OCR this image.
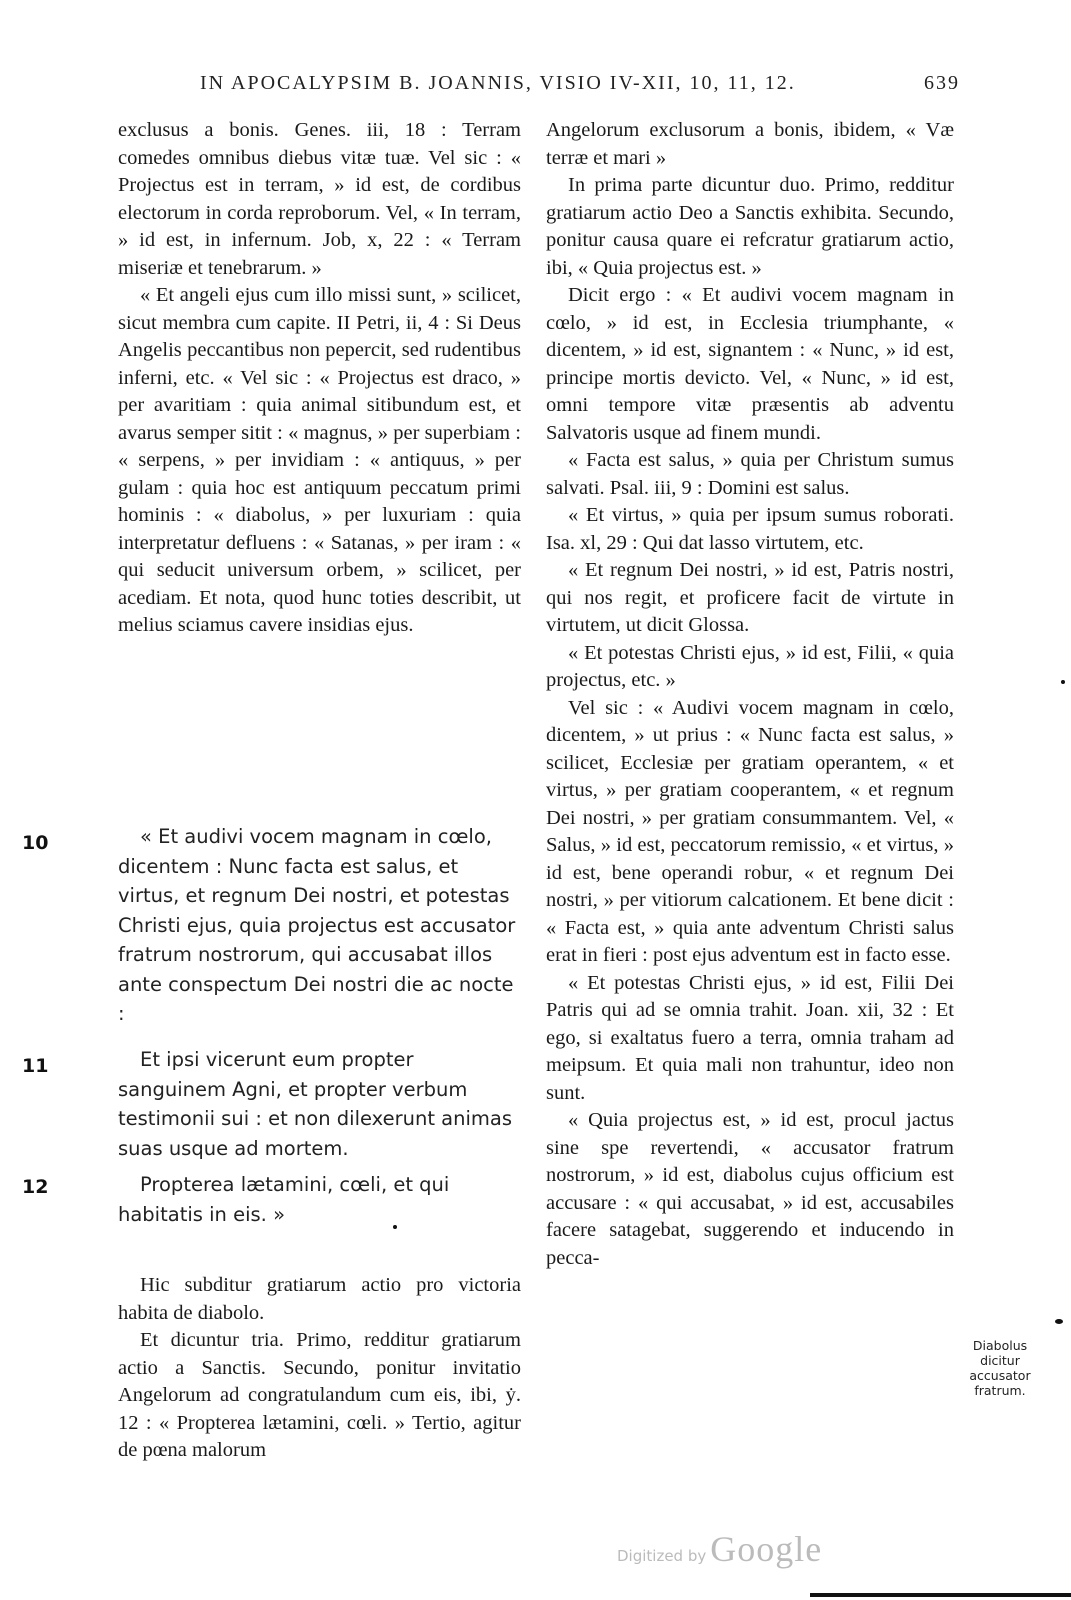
IN APOCALYPSIM B. JOANNIS, VISIO IV-XII, 10, 11, 12.	639

exclusus a bonis. Genes. iii, 18 : Terram comedes omnibus diebus vitæ tuæ. Vel sic : « Projectus est in terram, » id est, de cordibus electorum in corda reproborum. Vel, « In terram, » id est, in infernum. Job, x, 22 : « Terram miseriæ et tenebrarum. »

« Et angeli ejus cum illo missi sunt, » scilicet, sicut membra cum capite. II Petri, ii, 4 : Si Deus Angelis peccantibus non pepercit, sed rudentibus inferni, etc. « Vel sic : « Projectus est draco, » per avaritiam : quia animal sitibundum est, et avarus semper sitit : « magnus, » per superbiam : « serpens, » per invidiam : « antiquus, » per gulam : quia hoc est antiquum peccatum primi hominis : « diabolus, » per luxuriam : quia interpretatur defluens : « Satanas, » per iram : « qui seducit universum orbem, » scilicet, per acediam. Et nota, quod hunc toties describit, ut melius sciamus cavere insidias ejus.

10
11
12

« Et audivi vocem magnam in cœlo, dicentem : Nunc facta est salus, et virtus, et regnum Dei nostri, et potestas Christi ejus, quia projectus est accusator fratrum nostrorum, qui accusabat illos ante conspectum Dei nostri die ac nocte :

Et ipsi vicerunt eum propter sanguinem Agni, et propter verbum testimonii sui : et non dilexerunt animas suas usque ad mortem.

Propterea lætamini, cœli, et qui habitatis in eis. »

Hic subditur gratiarum actio pro victoria habita de diabolo.

Et dicuntur tria. Primo, redditur gratiarum actio a Sanctis. Secundo, ponitur invitatio Angelorum ad congratulandum cum eis, ibi, ẏ. 12 : « Propterea lætamini, cœli. » Tertio, agitur de pœna malorum

Angelorum exclusorum a bonis, ibidem, « Væ terræ et mari »

In prima parte dicuntur duo. Primo, redditur gratiarum actio Deo a Sanctis exhibita. Secundo, ponitur causa quare ei refcratur gratiarum actio, ibi, « Quia projectus est. »

Dicit ergo : « Et audivi vocem magnam in cœlo, » id est, in Ecclesia triumphante, « dicentem, » id est, signantem : « Nunc, » id est, principe mortis devicto. Vel, « Nunc, » id est, omni tempore vitæ præsentis ab adventu Salvatoris usque ad finem mundi.

« Facta est salus, » quia per Christum sumus salvati. Psal. iii, 9 : Domini est salus.

« Et virtus, » quia per ipsum sumus roborati. Isa. xl, 29 : Qui dat lasso virtutem, etc.

« Et regnum Dei nostri, » id est, Patris nostri, qui nos regit, et proficere facit de virtute in virtutem, ut dicit Glossa.

« Et potestas Christi ejus, » id est, Filii, « quia projectus, etc. »

Vel sic : « Audivi vocem magnam in cœlo, dicentem, » ut prius : « Nunc facta est salus, » scilicet, Ecclesiæ per gratiam operantem, « et virtus, » per gratiam cooperantem, « et regnum Dei nostri, » per gratiam consummantem. Vel, « Salus, » id est, peccatorum remissio, « et virtus, » id est, bene operandi robur, « et regnum Dei nostri, » per vitiorum calcationem. Et bene dicit : « Facta est, » quia ante adventum Christi salus erat in fieri : post ejus adventum est in facto esse.

« Et potestas Christi ejus, » id est, Filii Dei Patris qui ad se omnia trahit. Joan. xii, 32 : Et ego, si exaltatus fuero a terra, omnia traham ad meipsum. Et quia mali non trahuntur, ideo non sunt.

« Quia projectus est, » id est, procul jactus sine spe revertendi, « accusator fratrum nostrorum, » id est, diabolus cujus officium est accusare : « qui accusabat, » id est, accusabiles facere satagebat, suggerendo et inducendo in pecca-

Diabolus dicitur accusator fratrum.
Digitized by Google
